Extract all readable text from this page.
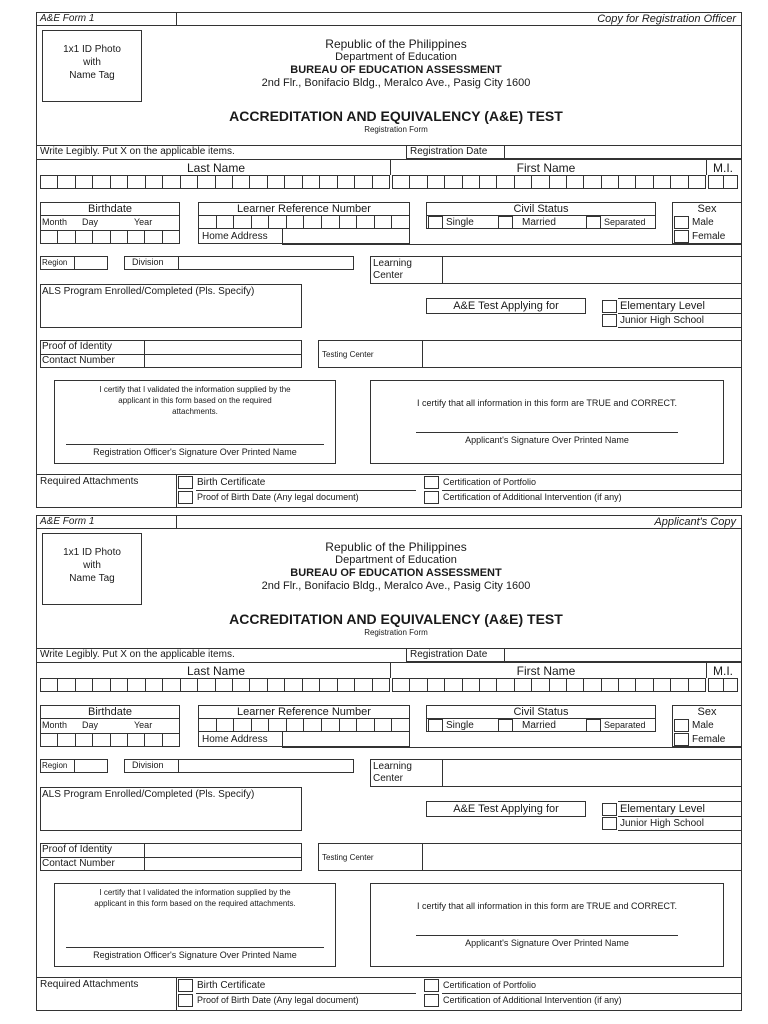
A&E Form 1	Copy for Registration Officer
1x1 ID Photo
with
Name Tag
Republic of the Philippines
Department of Education
BUREAU OF EDUCATION ASSESSMENT
2nd Flr., Bonifacio Bldg., Meralco Ave., Pasig City 1600
ACCREDITATION AND EQUIVALENCY (A&E) TEST
Registration Form
Write Legibly. Put X on the applicable items.	Registration Date
Last Name	First Name	M.I.
Birthdate
Month Day	Year
Learner Reference Number
Home Address
Civil Status
Single	Married	Separated
Sex
Male
Female
Region	Division	Learning
Center
ALS Program Enrolled/Completed (Pls. Specify)
A&E Test Applying for	Elementary Level
Junior High School
Proof of Identity
Contact Number
Testing Center
I certify that I validated the information supplied by the
applicant in this form based on the required
attachments.
Registration Officer's Signature Over Printed Name
I certify that all information in this form are TRUE and CORRECT.
Applicant's Signature Over Printed Name
Required Attachments	Birth Certificate
Proof of Birth Date (Any legal document)
Certification of Portfolio
Certification of Additional Intervention (if any)
A&E Form 1	Applicant's Copy
1x1 ID Photo
with
Name Tag
Republic of the Philippines
Department of Education
BUREAU OF EDUCATION ASSESSMENT
2nd Flr., Bonifacio Bldg., Meralco Ave., Pasig City 1600
ACCREDITATION AND EQUIVALENCY (A&E) TEST
Registration Form
Write Legibly. Put X on the applicable items.	Registration Date
Last Name	First Name	M.I.
Birthdate
Month Day	Year
Learner Reference Number
Home Address
Civil Status
Single	Married	Separated
Sex
Male
Female
Region	Division	Learning
Center
ALS Program Enrolled/Completed (Pls. Specify)
A&E Test Applying for	Elementary Level
Junior High School
Proof of Identity
Contact Number
Testing Center
I certify that I validated the information supplied by the
applicant in this form based on the required attachments.
Registration Officer's Signature Over Printed Name
I certify that all information in this form are TRUE and CORRECT.
Applicant's Signature Over Printed Name
Required Attachments	Birth Certificate
Proof of Birth Date (Any legal document)
Certification of Portfolio
Certification of Additional Intervention (if any)
